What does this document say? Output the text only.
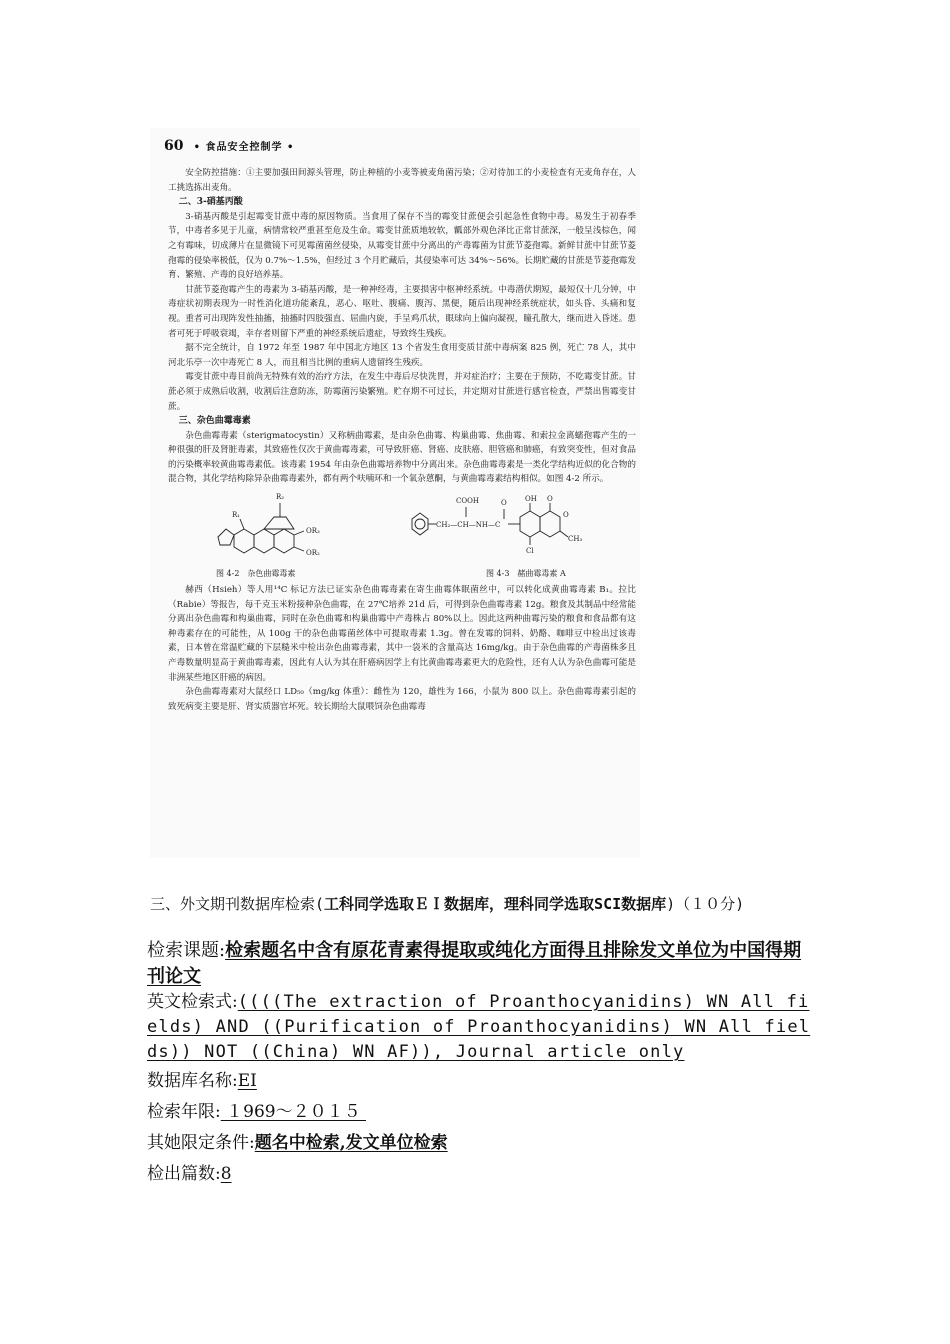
60 • 食品安全控制学 •

安全防控措施：①主要加强田间源头管理，防止种植的小麦等被麦角菌污染；②对待加工的小麦检查有无麦角存在，人工挑选拣出麦角。

二、3-硝基丙酸

3-硝基丙酸是引起霉变甘蔗中毒的原因物质。当食用了保存不当的霉变甘蔗便会引起急性食物中毒。易发生于初春季节，中毒者多见于儿童，病情常较严重甚至危及生命。霉变甘蔗质地较软，瓤部外观色泽比正常甘蔗深，一般呈浅棕色，闻之有霉味，切成薄片在显微镜下可见霉菌菌丝侵染，从霉变甘蔗中分离出的产毒霉菌为甘蔗节菱孢霉。新鲜甘蔗中甘蔗节菱孢霉的侵染率极低，仅为 0.7%～1.5%，但经过 3 个月贮藏后，其侵染率可达 34%～56%。长期贮藏的甘蔗是节菱孢霉发育、繁殖、产毒的良好培养基。

甘蔗节菱孢霉产生的毒素为 3-硝基丙酸，是一种神经毒，主要损害中枢神经系统。中毒潜伏期短，最短仅十几分钟，中毒症状初期表现为一时性消化道功能紊乱，恶心、呕吐、腹痛、腹泻、黑便，随后出现神经系统症状，如头昏、头痛和复视。重者可出现阵发性抽搐，抽搐时四肢强直、屈曲内旋，手呈鸡爪状，眼球向上偏向凝视，瞳孔散大，继而进入昏迷。患者可死于呼吸衰竭，幸存者则留下严重的神经系统后遗症，导致终生残疾。

据不完全统计，自 1972 年至 1987 年中国北方地区 13 个省发生食用变质甘蔗中毒病案 825 例，死亡 78 人，其中河北乐亭一次中毒死亡 8 人，而且相当比例的重病人遗留终生残疾。

霉变甘蔗中毒目前尚无特殊有效的治疗方法，在发生中毒后尽快洗胃，并对症治疗；主要在于预防，不吃霉变甘蔗。甘蔗必须于成熟后收割，收割后注意防冻，防霉菌污染繁殖。贮存期不可过长，并定期对甘蔗进行感官检查，严禁出售霉变甘蔗。

三、杂色曲霉毒素

杂色曲霉毒素（sterigmatocystin）又称柄曲霉素，是由杂色曲霉、构巢曲霉、焦曲霉、和索拉金离蠕孢霉产生的一种很强的肝及肾脏毒素，其致癌性仅次于黄曲霉毒素，可导致肝癌、肾癌、皮肤癌、胆管癌和肺癌，有致突变性，但对食品的污染概率较黄曲霉毒素低。该毒素 1954 年由杂色曲霉培养物中分离出来。杂色曲霉毒素是一类化学结构近似的化合物的混合物，其化学结构除异杂曲霉毒素外，都有两个呋喃环和一个氧杂蒽酮，与黄曲霉毒素结构相似。如图 4-2 所示。

R₂
R₁
OR₃
OR₂
图 4-2　杂色曲霉毒素
CH₂—CH—NH—C
COOH	O	OH O
O
CH₃
Cl
图 4-3　赭曲霉毒素 A

赫西（Hsieh）等人用¹⁴C 标记方法已证实杂色曲霉毒素在寄生曲霉体眠菌丝中，可以转化成黄曲霉毒素 B₁。拉比（Rabie）等报告，每千克玉米粉接种杂色曲霉，在 27℃培养 21d 后，可得到杂色曲霉毒素 12g。粮食及其制品中经常能分离出杂色曲霉和构巢曲霉，同时在杂色曲霉和构巢曲霉中产毒株占 80%以上。因此这两种曲霉污染的粮食和食品都有这种毒素存在的可能性，从 100g 干的杂色曲霉菌丝体中可提取毒素 1.3g。曾在发霉的饲料、奶酪、咖啡豆中检出过该毒素，日本曾在常温贮藏的下层糙米中检出杂色曲霉毒素，其中一袋米的含量高达 16mg/kg。由于杂色曲霉的产毒菌株多且产毒数量明显高于黄曲霉毒素，因此有人认为其在肝癌病因学上有比黄曲霉毒素更大的危险性，还有人认为杂色曲霉可能是非洲某些地区肝癌的病因。

杂色曲霉毒素对大鼠经口 LD₅₀（mg/kg 体重）：雌性为 120，雄性为 166，小鼠为 800 以上。杂色曲霉毒素引起的致死病变主要是肝、肾实质器官坏死。较长期给大鼠喂饲杂色曲霉毒

三、外文期刊数据库检索(工科同学选取ＥＩ数据库，理科同学选取SCI数据库)（１０分)
检索课题:检索题名中含有原花青素得提取或纯化方面得且排除发文单位为中国得期刊论文
英文检索式:((((The extraction of Proanthocyanidins) WN All fields) AND ((Purification of Proanthocyanidins) WN All fields)) NOT ((China) WN AF)), Journal article only
数据库名称:EI
检索年限: １969～２０１５
其她限定条件:题名中检索,发文单位检索
检出篇数:8
